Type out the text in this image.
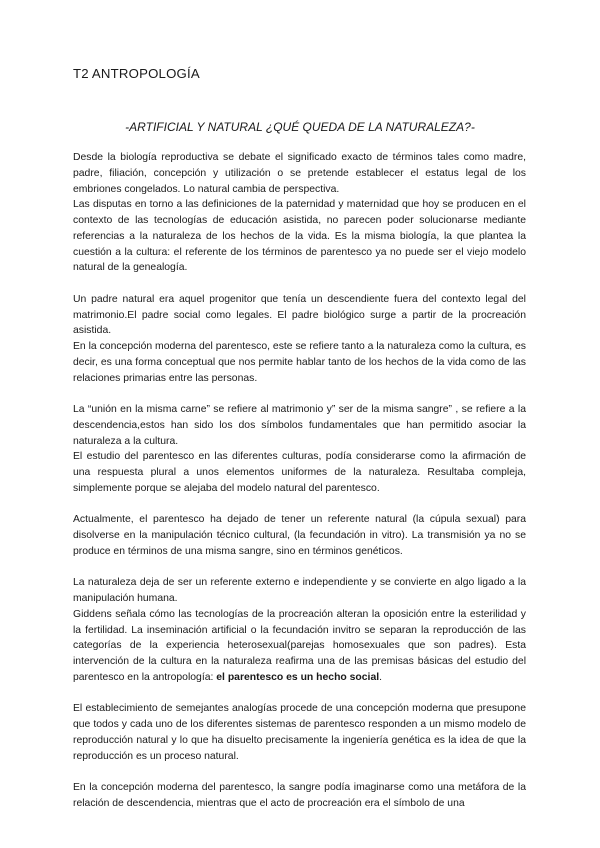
T2 ANTROPOLOGÍA
-ARTIFICIAL Y NATURAL ¿QUÉ QUEDA DE LA NATURALEZA?-

Desde la biología reproductiva se debate el significado exacto de términos tales como madre, padre, filiación, concepción y utilización o se pretende establecer el estatus legal de los embriones congelados. Lo natural cambia de perspectiva.

Las disputas en torno a las definiciones de la paternidad y maternidad que hoy se producen en el contexto de las tecnologías de educación asistida, no parecen poder solucionarse mediante referencias a la naturaleza de los hechos de la vida. Es la misma biología, la que plantea la cuestión a la cultura: el referente de los términos de parentesco ya no puede ser el viejo modelo natural de la genealogía.

Un padre natural era aquel progenitor que tenía un descendiente fuera del contexto legal del matrimonio.El padre social como legales. El padre biológico surge a partir de la procreación asistida.

En la concepción moderna del parentesco, este se refiere tanto a la naturaleza como la cultura, es decir, es una forma conceptual que nos permite hablar tanto de los hechos de la vida como de las relaciones primarias entre las personas.

La “unión en la misma carne” se refiere al matrimonio y” ser de la misma sangre” , se refiere a la descendencia,estos han sido los dos símbolos fundamentales que han permitido asociar la naturaleza a la cultura.

El estudio del parentesco en las diferentes culturas, podía considerarse como la afirmación de una respuesta plural a unos elementos uniformes de la naturaleza. Resultaba compleja, simplemente porque se alejaba del modelo natural del parentesco.

Actualmente, el parentesco ha dejado de tener un referente natural (la cúpula sexual) para disolverse en la manipulación técnico cultural, (la fecundación in vitro). La transmisión ya no se produce en términos de una misma sangre, sino en términos genéticos.

La naturaleza deja de ser un referente externo e independiente y se convierte en algo ligado a la manipulación humana.

Giddens señala cómo las tecnologías de la procreación alteran la oposición entre la esterilidad y la fertilidad. La inseminación artificial o la fecundación invitro se separan la reproducción de las categorías de la experiencia heterosexual(parejas homosexuales que son padres). Esta intervención de la cultura en la naturaleza reafirma una de las premisas básicas del estudio del parentesco en la antropología: el parentesco es un hecho social.

El establecimiento de semejantes analogías procede de una concepción moderna que presupone que todos y cada uno de los diferentes sistemas de parentesco responden a un mismo modelo de reproducción natural y lo que ha disuelto precisamente la ingeniería genética es la idea de que la reproducción es un proceso natural.

En la concepción moderna del parentesco, la sangre podía imaginarse como una metáfora de la relación de descendencia, mientras que el acto de procreación era el símbolo de una
